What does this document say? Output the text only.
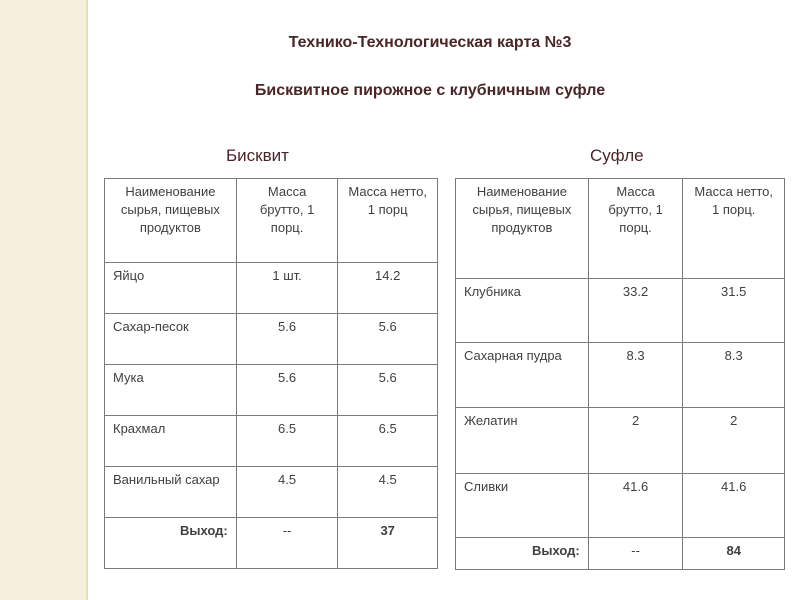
Технико-Технологическая карта №3
Бисквитное пирожное с клубничным суфле
Бисквит	Суфле
Наименование сырья, пищевых продуктов	Масса брутто, 1 порц.	Масса нетто, 1 порц
Яйцо	1 шт.	14.2
Сахар-песок	5.6	5.6
Мука	5.6	5.6
Крахмал	6.5	6.5
Ванильный сахар	4.5	4.5
Выход:	--	37
Наименование сырья, пищевых продуктов	Масса брутто, 1 порц.	Масса нетто, 1 порц.
Клубника	33.2	31.5
Сахарная пудра	8.3	8.3
Желатин	2	2
Сливки	41.6	41.6
Выход:	--	84
